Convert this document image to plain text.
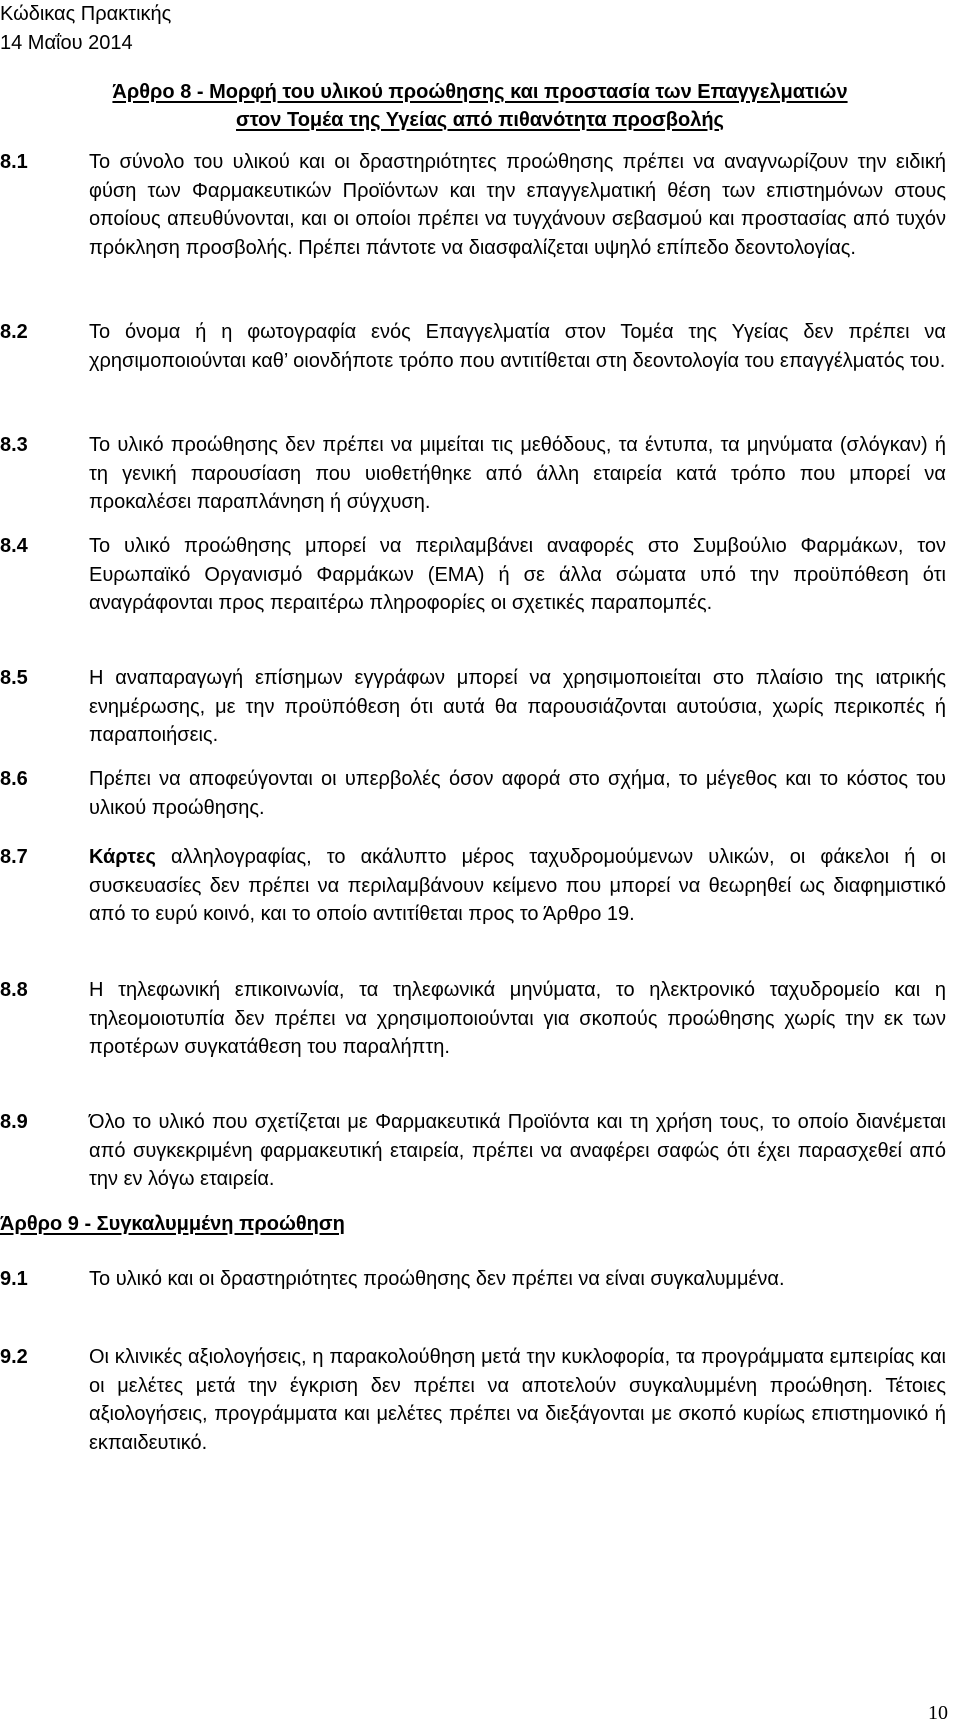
Κώδικας Πρακτικής
14 Μαΐου 2014
Άρθρο 8 - Μορφή του υλικού προώθησης και προστασία των Επαγγελματιών
στον Τομέα της Υγείας από πιθανότητα προσβολής
8.1	Το σύνολο του υλικού και οι δραστηριότητες προώθησης πρέπει να αναγνωρίζουν την ειδική φύση των Φαρμακευτικών Προϊόντων και την επαγγελματική θέση των επιστημόνων στους οποίους απευθύνονται, και οι οποίοι πρέπει να τυγχάνουν σεβασμού και προστασίας από τυχόν πρόκληση προσβολής. Πρέπει πάντοτε να διασφαλίζεται υψηλό επίπεδο δεοντολογίας.
8.2	Το όνομα ή η φωτογραφία ενός Επαγγελματία στον Τομέα της Υγείας δεν πρέπει να χρησιμοποιούνται καθ’ οιονδήποτε τρόπο που αντιτίθεται στη δεοντολογία του επαγγέλματός του.
8.3	Το υλικό προώθησης δεν πρέπει να μιμείται τις μεθόδους, τα έντυπα, τα μηνύματα (σλόγκαν) ή τη γενική παρουσίαση που υιοθετήθηκε από άλλη εταιρεία κατά τρόπο που μπορεί να προκαλέσει παραπλάνηση ή σύγχυση.
8.4	Το υλικό προώθησης μπορεί να περιλαμβάνει αναφορές στο Συμβούλιο Φαρμάκων, τον Ευρωπαϊκό Οργανισμό Φαρμάκων (ΕΜΑ) ή σε άλλα σώματα υπό την προϋπόθεση ότι αναγράφονται προς περαιτέρω πληροφορίες οι σχετικές παραπομπές.
8.5	Η αναπαραγωγή επίσημων εγγράφων μπορεί να χρησιμοποιείται στο πλαίσιο της ιατρικής ενημέρωσης, με την προϋπόθεση ότι αυτά θα παρουσιάζονται αυτούσια, χωρίς περικοπές ή παραποιήσεις.
8.6	Πρέπει να αποφεύγονται οι υπερβολές όσον αφορά στο σχήμα, το μέγεθος και το κόστος του υλικού προώθησης.
8.7	Κάρτες αλληλογραφίας, το ακάλυπτο μέρος ταχυδρομούμενων υλικών, οι φάκελοι ή οι συσκευασίες δεν πρέπει να περιλαμβάνουν κείμενο που μπορεί να θεωρηθεί ως διαφημιστικό από το ευρύ κοινό, και το οποίο αντιτίθεται προς το Άρθρο 19.
8.8	Η τηλεφωνική επικοινωνία, τα τηλεφωνικά μηνύματα, το ηλεκτρονικό ταχυδρομείο και η τηλεομοιοτυπία δεν πρέπει να χρησιμοποιούνται για σκοπούς προώθησης χωρίς την εκ των προτέρων συγκατάθεση του παραλήπτη.
8.9	Όλο το υλικό που σχετίζεται με Φαρμακευτικά Προϊόντα και τη χρήση τους, το οποίο διανέμεται από συγκεκριμένη φαρμακευτική εταιρεία, πρέπει να αναφέρει σαφώς ότι έχει παρασχεθεί από την εν λόγω εταιρεία.
Άρθρο 9 - Συγκαλυμμένη προώθηση
9.1	Το υλικό και οι δραστηριότητες προώθησης δεν πρέπει να είναι συγκαλυμμένα.
9.2	Οι κλινικές αξιολογήσεις, η παρακολούθηση μετά την κυκλοφορία, τα προγράμματα εμπειρίας και οι μελέτες μετά την έγκριση δεν πρέπει να αποτελούν συγκαλυμμένη προώθηση. Τέτοιες αξιολογήσεις, προγράμματα και μελέτες πρέπει να διεξάγονται με σκοπό κυρίως επιστημονικό ή εκπαιδευτικό.
10
